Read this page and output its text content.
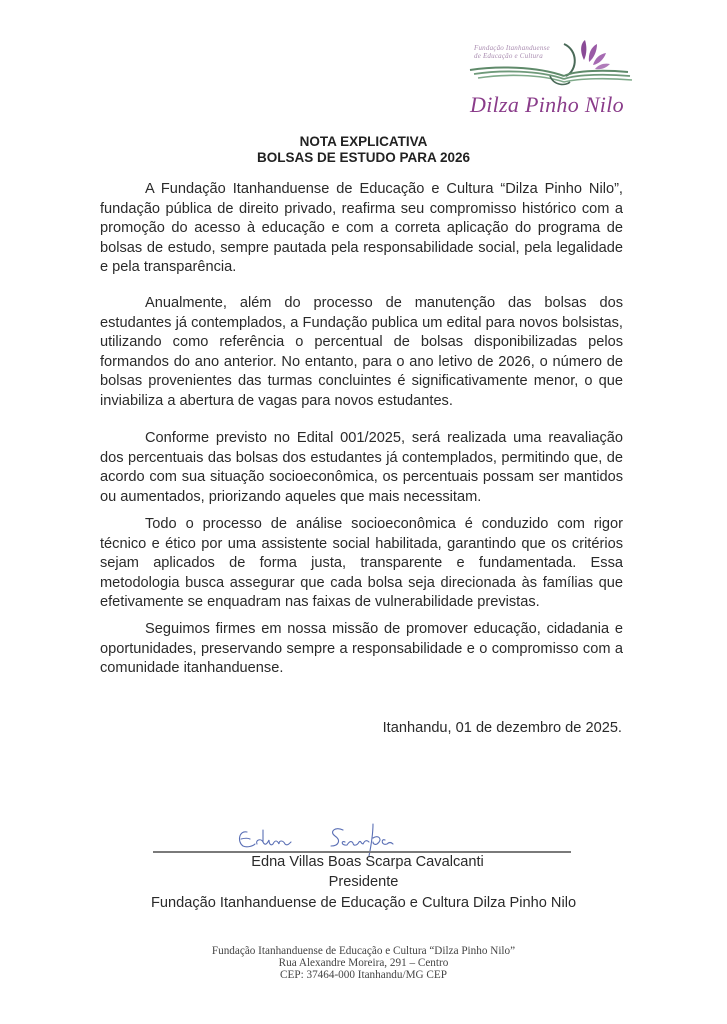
Fundação Itanhanduense
de Educação e Cultura
Dilza Pinho Nilo
NOTA EXPLICATIVA
BOLSAS DE ESTUDO PARA 2026

A Fundação Itanhanduense de Educação e Cultura “Dilza Pinho Nilo”, fundação pública de direito privado, reafirma seu compromisso histórico com a promoção do acesso à educação e com a correta aplicação do programa de bolsas de estudo, sempre pautada pela responsabilidade social, pela legalidade e pela transparência.

Anualmente, além do processo de manutenção das bolsas dos estudantes já contemplados, a Fundação publica um edital para novos bolsistas, utilizando como referência o percentual de bolsas disponibilizadas pelos formandos do ano anterior. No entanto, para o ano letivo de 2026, o número de bolsas provenientes das turmas concluintes é significativamente menor, o que inviabiliza a abertura de vagas para novos estudantes.

Conforme previsto no Edital 001/2025, será realizada uma reavaliação dos percentuais das bolsas dos estudantes já contemplados, permitindo que, de acordo com sua situação socioeconômica, os percentuais possam ser mantidos ou aumentados, priorizando aqueles que mais necessitam.

Todo o processo de análise socioeconômica é conduzido com rigor técnico e ético por uma assistente social habilitada, garantindo que os critérios sejam aplicados de forma justa, transparente e fundamentada. Essa metodologia busca assegurar que cada bolsa seja direcionada às famílias que efetivamente se enquadram nas faixas de vulnerabilidade previstas.

Seguimos firmes em nossa missão de promover educação, cidadania e oportunidades, preservando sempre a responsabilidade e o compromisso com a comunidade itanhanduense.

Itanhandu, 01 de dezembro de 2025.
Edna Villas Boas Scarpa Cavalcanti
Presidente
Fundação Itanhanduense de Educação e Cultura Dilza Pinho Nilo
Fundação Itanhanduense de Educação e Cultura “Dilza Pinho Nilo”
Rua Alexandre Moreira, 291 – Centro
CEP: 37464-000 Itanhandu/MG CEP
